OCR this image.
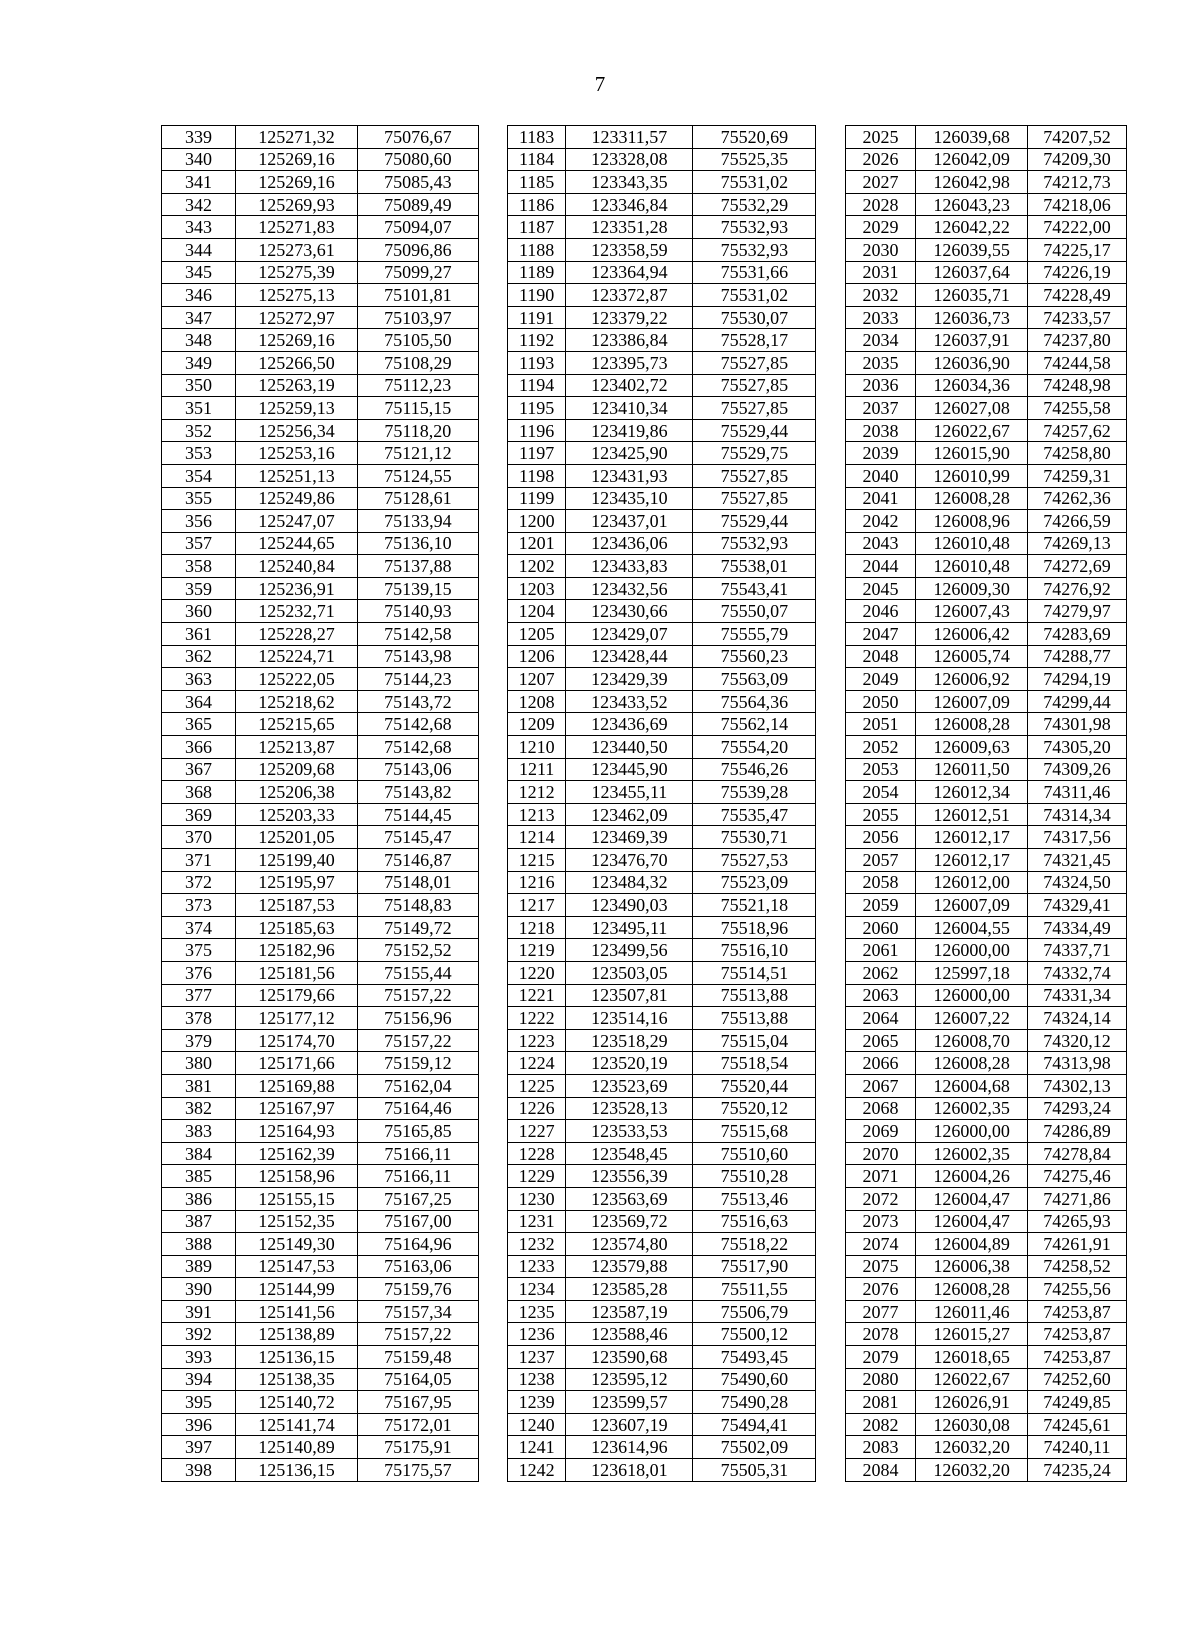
7
339	125271,32	75076,67		1183	123311,57	75520,69		2025	126039,68	74207,52
340	125269,16	75080,60		1184	123328,08	75525,35		2026	126042,09	74209,30
341	125269,16	75085,43		1185	123343,35	75531,02		2027	126042,98	74212,73
342	125269,93	75089,49		1186	123346,84	75532,29		2028	126043,23	74218,06
343	125271,83	75094,07		1187	123351,28	75532,93		2029	126042,22	74222,00
344	125273,61	75096,86		1188	123358,59	75532,93		2030	126039,55	74225,17
345	125275,39	75099,27		1189	123364,94	75531,66		2031	126037,64	74226,19
346	125275,13	75101,81		1190	123372,87	75531,02		2032	126035,71	74228,49
347	125272,97	75103,97		1191	123379,22	75530,07		2033	126036,73	74233,57
348	125269,16	75105,50		1192	123386,84	75528,17		2034	126037,91	74237,80
349	125266,50	75108,29		1193	123395,73	75527,85		2035	126036,90	74244,58
350	125263,19	75112,23		1194	123402,72	75527,85		2036	126034,36	74248,98
351	125259,13	75115,15		1195	123410,34	75527,85		2037	126027,08	74255,58
352	125256,34	75118,20		1196	123419,86	75529,44		2038	126022,67	74257,62
353	125253,16	75121,12		1197	123425,90	75529,75		2039	126015,90	74258,80
354	125251,13	75124,55		1198	123431,93	75527,85		2040	126010,99	74259,31
355	125249,86	75128,61		1199	123435,10	75527,85		2041	126008,28	74262,36
356	125247,07	75133,94		1200	123437,01	75529,44		2042	126008,96	74266,59
357	125244,65	75136,10		1201	123436,06	75532,93		2043	126010,48	74269,13
358	125240,84	75137,88		1202	123433,83	75538,01		2044	126010,48	74272,69
359	125236,91	75139,15		1203	123432,56	75543,41		2045	126009,30	74276,92
360	125232,71	75140,93		1204	123430,66	75550,07		2046	126007,43	74279,97
361	125228,27	75142,58		1205	123429,07	75555,79		2047	126006,42	74283,69
362	125224,71	75143,98		1206	123428,44	75560,23		2048	126005,74	74288,77
363	125222,05	75144,23		1207	123429,39	75563,09		2049	126006,92	74294,19
364	125218,62	75143,72		1208	123433,52	75564,36		2050	126007,09	74299,44
365	125215,65	75142,68		1209	123436,69	75562,14		2051	126008,28	74301,98
366	125213,87	75142,68		1210	123440,50	75554,20		2052	126009,63	74305,20
367	125209,68	75143,06		1211	123445,90	75546,26		2053	126011,50	74309,26
368	125206,38	75143,82		1212	123455,11	75539,28		2054	126012,34	74311,46
369	125203,33	75144,45		1213	123462,09	75535,47		2055	126012,51	74314,34
370	125201,05	75145,47		1214	123469,39	75530,71		2056	126012,17	74317,56
371	125199,40	75146,87		1215	123476,70	75527,53		2057	126012,17	74321,45
372	125195,97	75148,01		1216	123484,32	75523,09		2058	126012,00	74324,50
373	125187,53	75148,83		1217	123490,03	75521,18		2059	126007,09	74329,41
374	125185,63	75149,72		1218	123495,11	75518,96		2060	126004,55	74334,49
375	125182,96	75152,52		1219	123499,56	75516,10		2061	126000,00	74337,71
376	125181,56	75155,44		1220	123503,05	75514,51		2062	125997,18	74332,74
377	125179,66	75157,22		1221	123507,81	75513,88		2063	126000,00	74331,34
378	125177,12	75156,96		1222	123514,16	75513,88		2064	126007,22	74324,14
379	125174,70	75157,22		1223	123518,29	75515,04		2065	126008,70	74320,12
380	125171,66	75159,12		1224	123520,19	75518,54		2066	126008,28	74313,98
381	125169,88	75162,04		1225	123523,69	75520,44		2067	126004,68	74302,13
382	125167,97	75164,46		1226	123528,13	75520,12		2068	126002,35	74293,24
383	125164,93	75165,85		1227	123533,53	75515,68		2069	126000,00	74286,89
384	125162,39	75166,11		1228	123548,45	75510,60		2070	126002,35	74278,84
385	125158,96	75166,11		1229	123556,39	75510,28		2071	126004,26	74275,46
386	125155,15	75167,25		1230	123563,69	75513,46		2072	126004,47	74271,86
387	125152,35	75167,00		1231	123569,72	75516,63		2073	126004,47	74265,93
388	125149,30	75164,96		1232	123574,80	75518,22		2074	126004,89	74261,91
389	125147,53	75163,06		1233	123579,88	75517,90		2075	126006,38	74258,52
390	125144,99	75159,76		1234	123585,28	75511,55		2076	126008,28	74255,56
391	125141,56	75157,34		1235	123587,19	75506,79		2077	126011,46	74253,87
392	125138,89	75157,22		1236	123588,46	75500,12		2078	126015,27	74253,87
393	125136,15	75159,48		1237	123590,68	75493,45		2079	126018,65	74253,87
394	125138,35	75164,05		1238	123595,12	75490,60		2080	126022,67	74252,60
395	125140,72	75167,95		1239	123599,57	75490,28		2081	126026,91	74249,85
396	125141,74	75172,01		1240	123607,19	75494,41		2082	126030,08	74245,61
397	125140,89	75175,91		1241	123614,96	75502,09		2083	126032,20	74240,11
398	125136,15	75175,57		1242	123618,01	75505,31		2084	126032,20	74235,24
